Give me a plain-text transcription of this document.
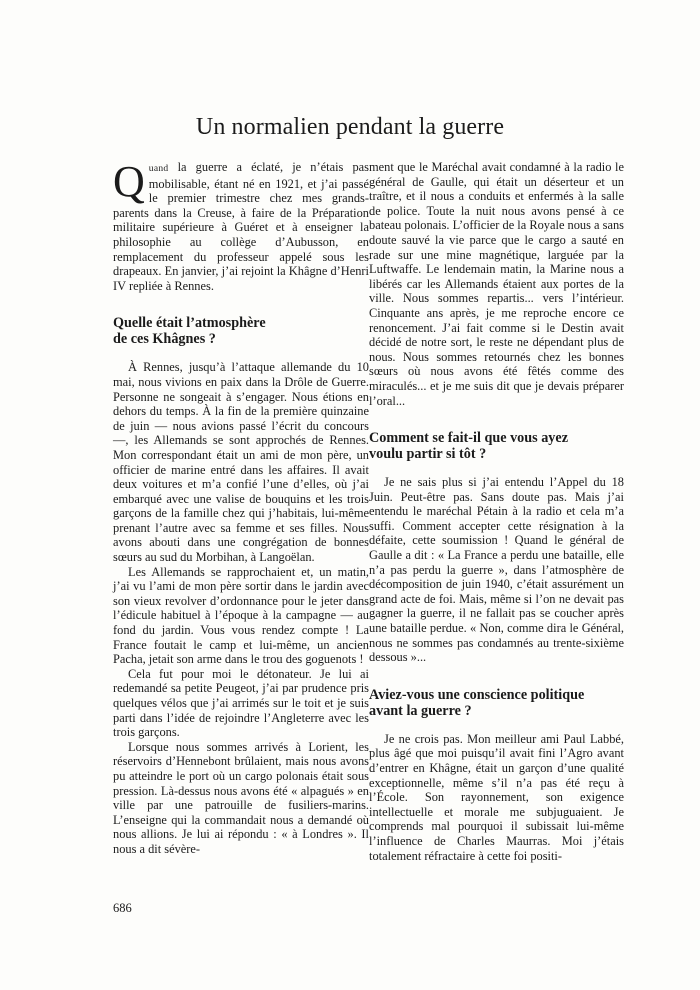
Un normalien pendant la guerre

Quand la guerre a éclaté, je n’étais pas mobilisable, étant né en 1921, et j’ai passé le premier trimestre chez mes grands-parents dans la Creuse, à faire de la Préparation militaire supérieure à Guéret et à enseigner la philosophie au collège d’Aubusson, en remplacement du professeur appelé sous les drapeaux. En janvier, j’ai rejoint la Khâgne d’Henri IV repliée à Rennes.

Quelle était l’atmosphère
de ces Khâgnes ?

À Rennes, jusqu’à l’attaque allemande du 10 mai, nous vivions en paix dans la Drôle de Guerre. Personne ne songeait à s’engager. Nous étions en dehors du temps. À la fin de la première quinzaine de juin — nous avions passé l’écrit du concours —, les Allemands se sont approchés de Rennes. Mon correspondant était un ami de mon père, un officier de marine entré dans les affaires. Il avait deux voitures et m’a confié l’une d’elles, où j’ai embarqué avec une valise de bouquins et les trois garçons de la famille chez qui j’habitais, lui-même prenant l’autre avec sa femme et ses filles. Nous avons abouti dans une congrégation de bonnes sœurs au sud du Morbihan, à Langoëlan.

Les Allemands se rapprochaient et, un matin, j’ai vu l’ami de mon père sortir dans le jardin avec son vieux revolver d’ordonnance pour le jeter dans l’édicule habituel à l’époque à la campagne — au fond du jardin. Vous vous rendez compte ! La France foutait le camp et lui-même, un ancien Pacha, jetait son arme dans le trou des goguenots !

Cela fut pour moi le détonateur. Je lui ai redemandé sa petite Peugeot, j’ai par prudence pris quelques vélos que j’ai arrimés sur le toit et je suis parti dans l’idée de rejoindre l’Angleterre avec les trois garçons.

Lorsque nous sommes arrivés à Lorient, les réservoirs d’Hennebont brûlaient, mais nous avons pu atteindre le port où un cargo polonais était sous pression. Là-dessus nous avons été « alpagués » en ville par une patrouille de fusiliers-marins. L’enseigne qui la commandait nous a demandé où nous allions. Je lui ai répondu : « à Londres ». Il nous a dit sévère-

ment que le Maréchal avait condamné à la radio le général de Gaulle, qui était un déserteur et un traître, et il nous a conduits et enfermés à la salle de police. Toute la nuit nous avons pensé à ce bateau polonais. L’officier de la Royale nous a sans doute sauvé la vie parce que le cargo a sauté en rade sur une mine magnétique, larguée par la Luftwaffe. Le lendemain matin, la Marine nous a libérés car les Allemands étaient aux portes de la ville. Nous sommes repartis... vers l’intérieur. Cinquante ans après, je me reproche encore ce renoncement. J’ai fait comme si le Destin avait décidé de notre sort, le reste ne dépendant plus de nous. Nous sommes retournés chez les bonnes sœurs où nous avons été fêtés comme des miraculés... et je me suis dit que je devais préparer l’oral...

Comment se fait-il que vous ayez
voulu partir si tôt ?

Je ne sais plus si j’ai entendu l’Appel du 18 Juin. Peut-être pas. Sans doute pas. Mais j’ai entendu le maréchal Pétain à la radio et cela m’a suffi. Comment accepter cette résignation à la défaite, cette soumission ! Quand le général de Gaulle a dit : « La France a perdu une bataille, elle n’a pas perdu la guerre », dans l’atmosphère de décomposition de juin 1940, c’était assurément un grand acte de foi. Mais, même si l’on ne devait pas gagner la guerre, il ne fallait pas se coucher après une bataille perdue. « Non, comme dira le Général, nous ne sommes pas condamnés au trente-sixième dessous »...

Aviez-vous une conscience politique
avant la guerre ?

Je ne crois pas. Mon meilleur ami Paul Labbé, plus âgé que moi puisqu’il avait fini l’Agro avant d’entrer en Khâgne, était un garçon d’une qualité exceptionnelle, même s’il n’a pas été reçu à l’École. Son rayonnement, son exigence intellectuelle et morale me subjuguaient. Je comprends mal pourquoi il subissait lui-même l’influence de Charles Maurras. Moi j’étais totalement réfractaire à cette foi positi-

686
